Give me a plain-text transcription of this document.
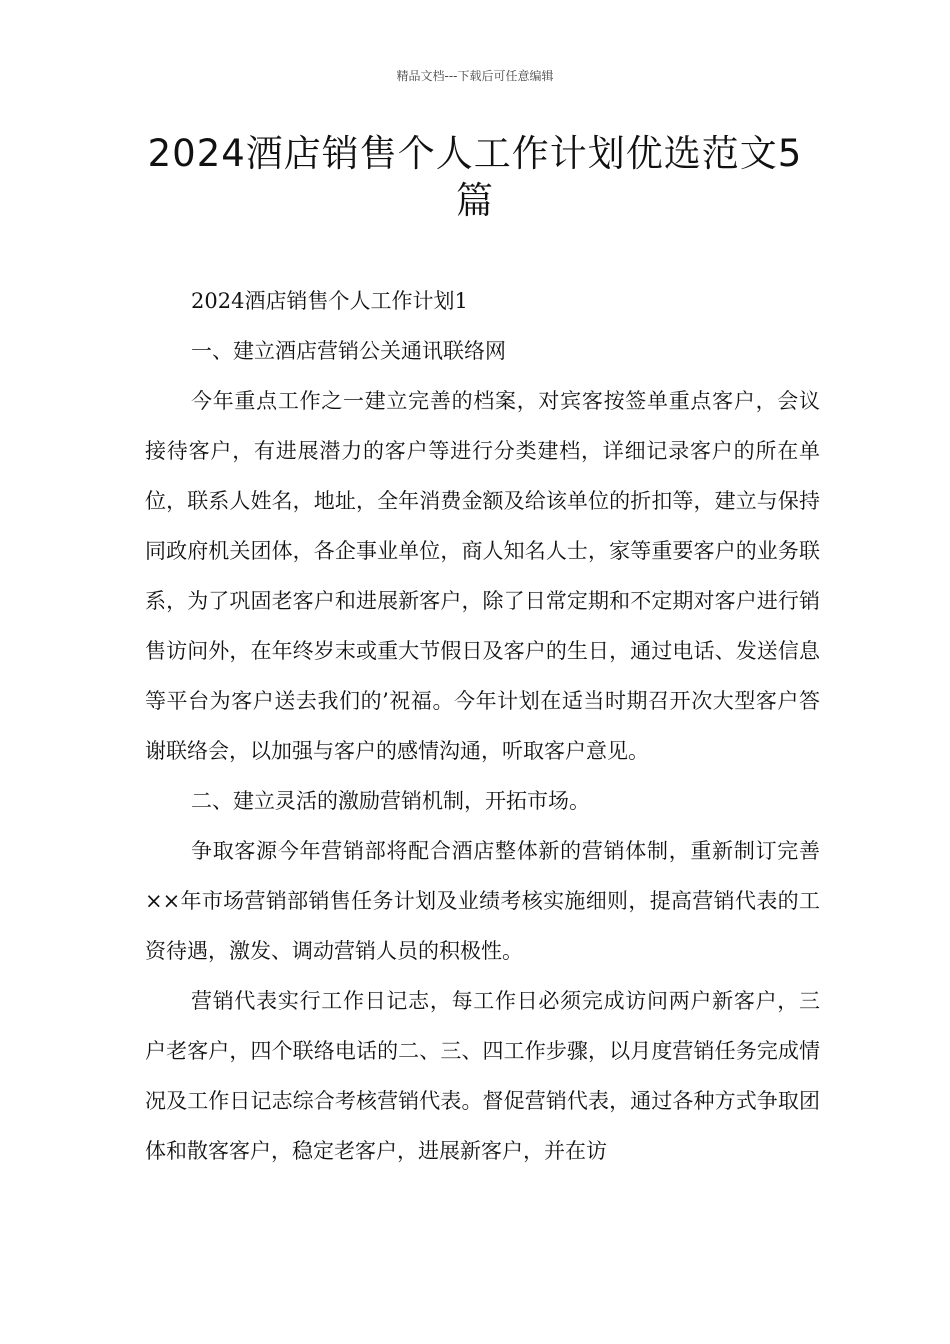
精品文档---下载后可任意编辑
2024酒店销售个人工作计划优选范文5
篇

2024酒店销售个人工作计划1

一、建立酒店营销公关通讯联络网

今年重点工作之一建立完善的档案，对宾客按签单重点客户，会议接待客户，有进展潜力的客户等进行分类建档，详细记录客户的所在单位，联系人姓名，地址，全年消费金额及给该单位的折扣等，建立与保持同政府机关团体，各企事业单位，商人知名人士，家等重要客户的业务联系，为了巩固老客户和进展新客户，除了日常定期和不定期对客户进行销售访问外，在年终岁末或重大节假日及客户的生日，通过电话、发送信息等平台为客户送去我们的’祝福。今年计划在适当时期召开次大型客户答谢联络会，以加强与客户的感情沟通，听取客户意见。

二、建立灵活的激励营销机制，开拓市场。

争取客源今年营销部将配合酒店整体新的营销体制，重新制订完善××年市场营销部销售任务计划及业绩考核实施细则，提高营销代表的工资待遇，激发、调动营销人员的积极性。

营销代表实行工作日记志，每工作日必须完成访问两户新客户，三户老客户，四个联络电话的二、三、四工作步骤，以月度营销任务完成情况及工作日记志综合考核营销代表。督促营销代表，通过各种方式争取团体和散客客户，稳定老客户，进展新客户，并在访
